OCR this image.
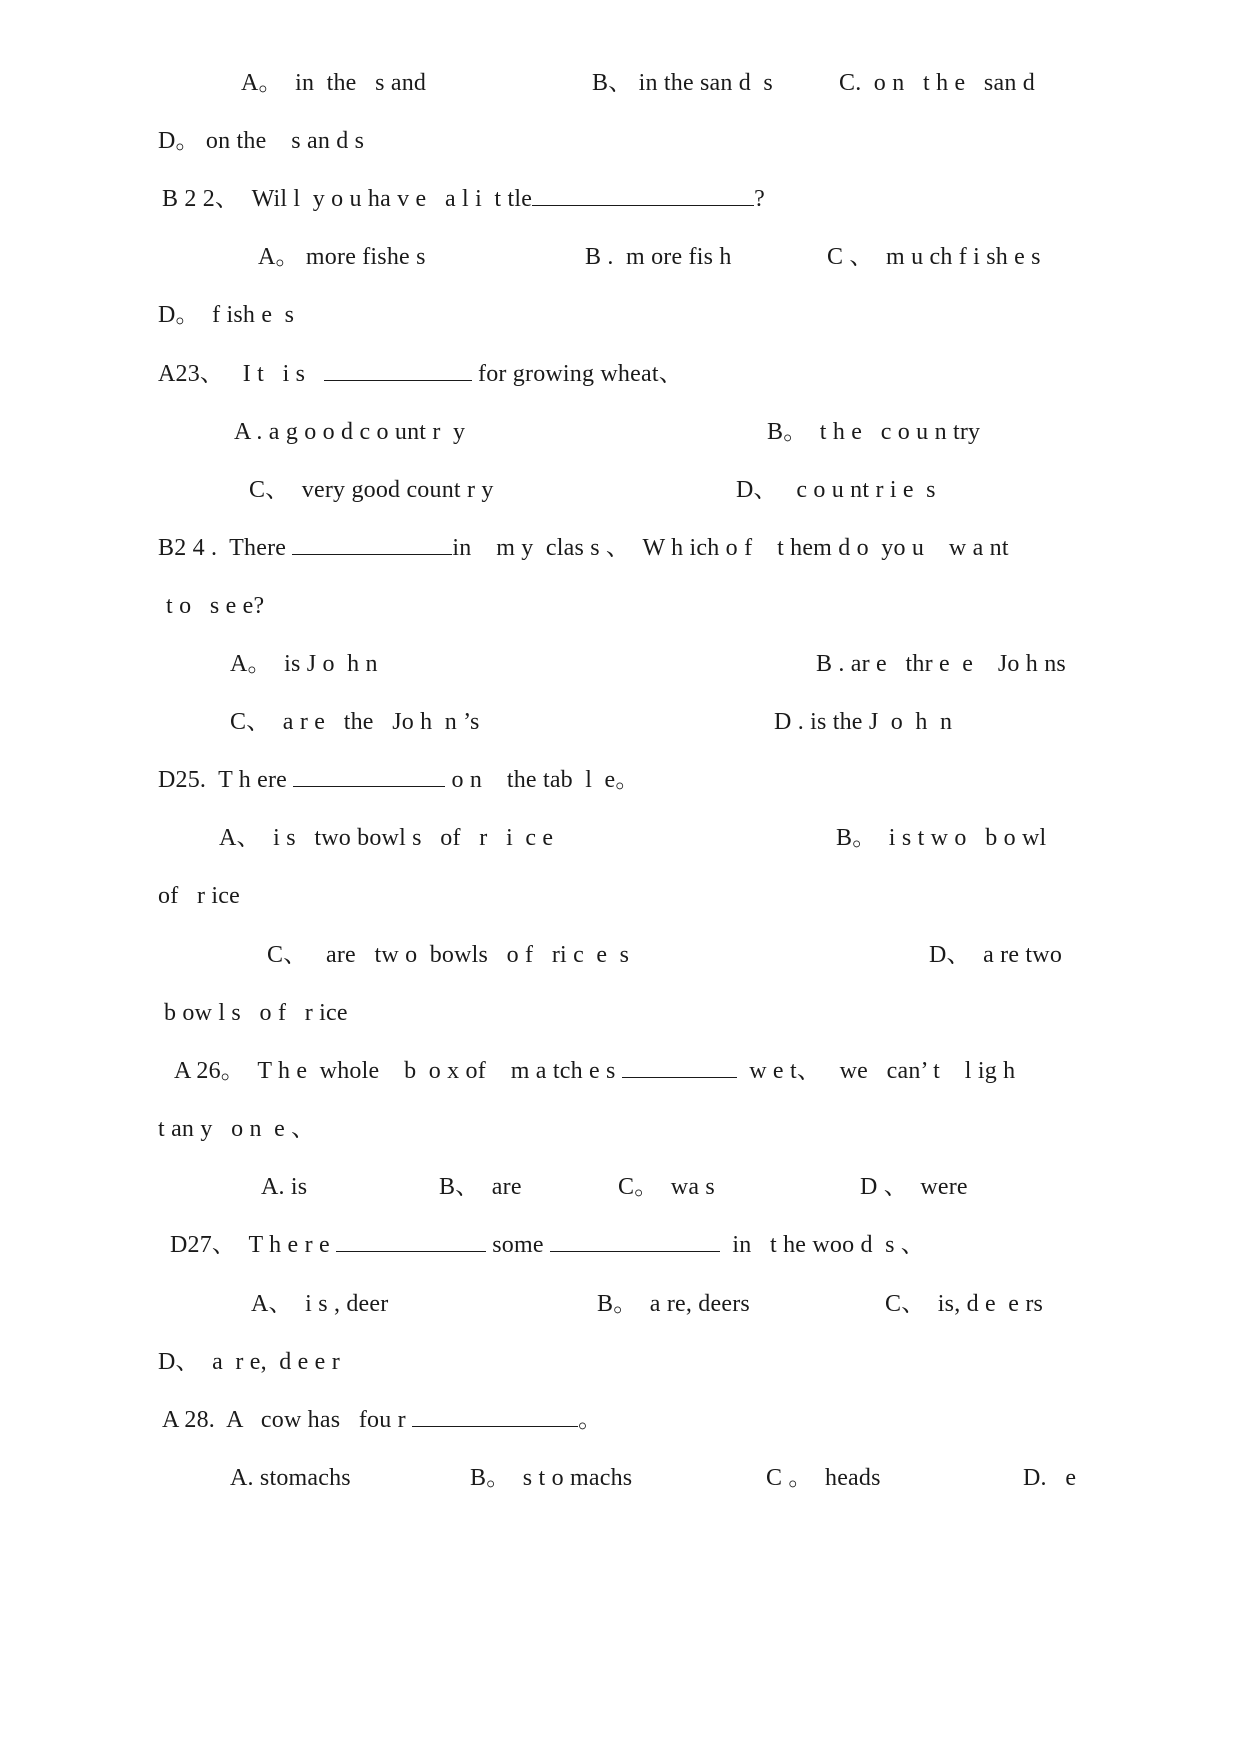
A。  in  the   s and	B、 in the san d  s	C.  o n   t h e   san d
D。 on the    s an d s
B 2 2、  Wil l  y o u ha v e   a l i  t tle	?
A。 more fishe s	B .  m ore fis h	C 、  m u ch f i sh e s
D。  f ish e  s
A23、   I t   i s	for growing wheat、
A . a g o o d c o unt r  y	B。  t h e   c o u n try
C、  very good count r y	D、   c o u nt r i e  s
B2 4 .  There	in    m y  clas s 、  W h ich o f    t hem d o  yo u    w a nt
t o   s e e?
A。  is J o  h n	B . ar e   thr e  e    Jo h ns
C、  a r e   the   Jo h  n ’s	D . is the J  o  h  n
D25.  T h ere	o n    the tab  l  e。
A、  i s   two bowl s   of   r   i  c e	B。  i s t w o   b o wl
of   r ice
C、   are   tw o  bowls   o f   ri c  e  s	D、  a re two
b ow l s   o f   r ice
A 26。  T h e  whole    b  o x of    m a tch e s	w e t、   we   can’ t    l ig h
t an y   o n  e 、
A. is	B、  are	C。  wa s	D 、  were
D27、  T h e r e	some	in   t he woo d  s 、
A、  i s , deer	B。  a re, deers	C、  is, d e  e rs
D、  a  r e,  d e e r
A 28.  A   cow has   fou r	。
A. stomachs	B。  s t o machs	C 。  heads	D.   e
